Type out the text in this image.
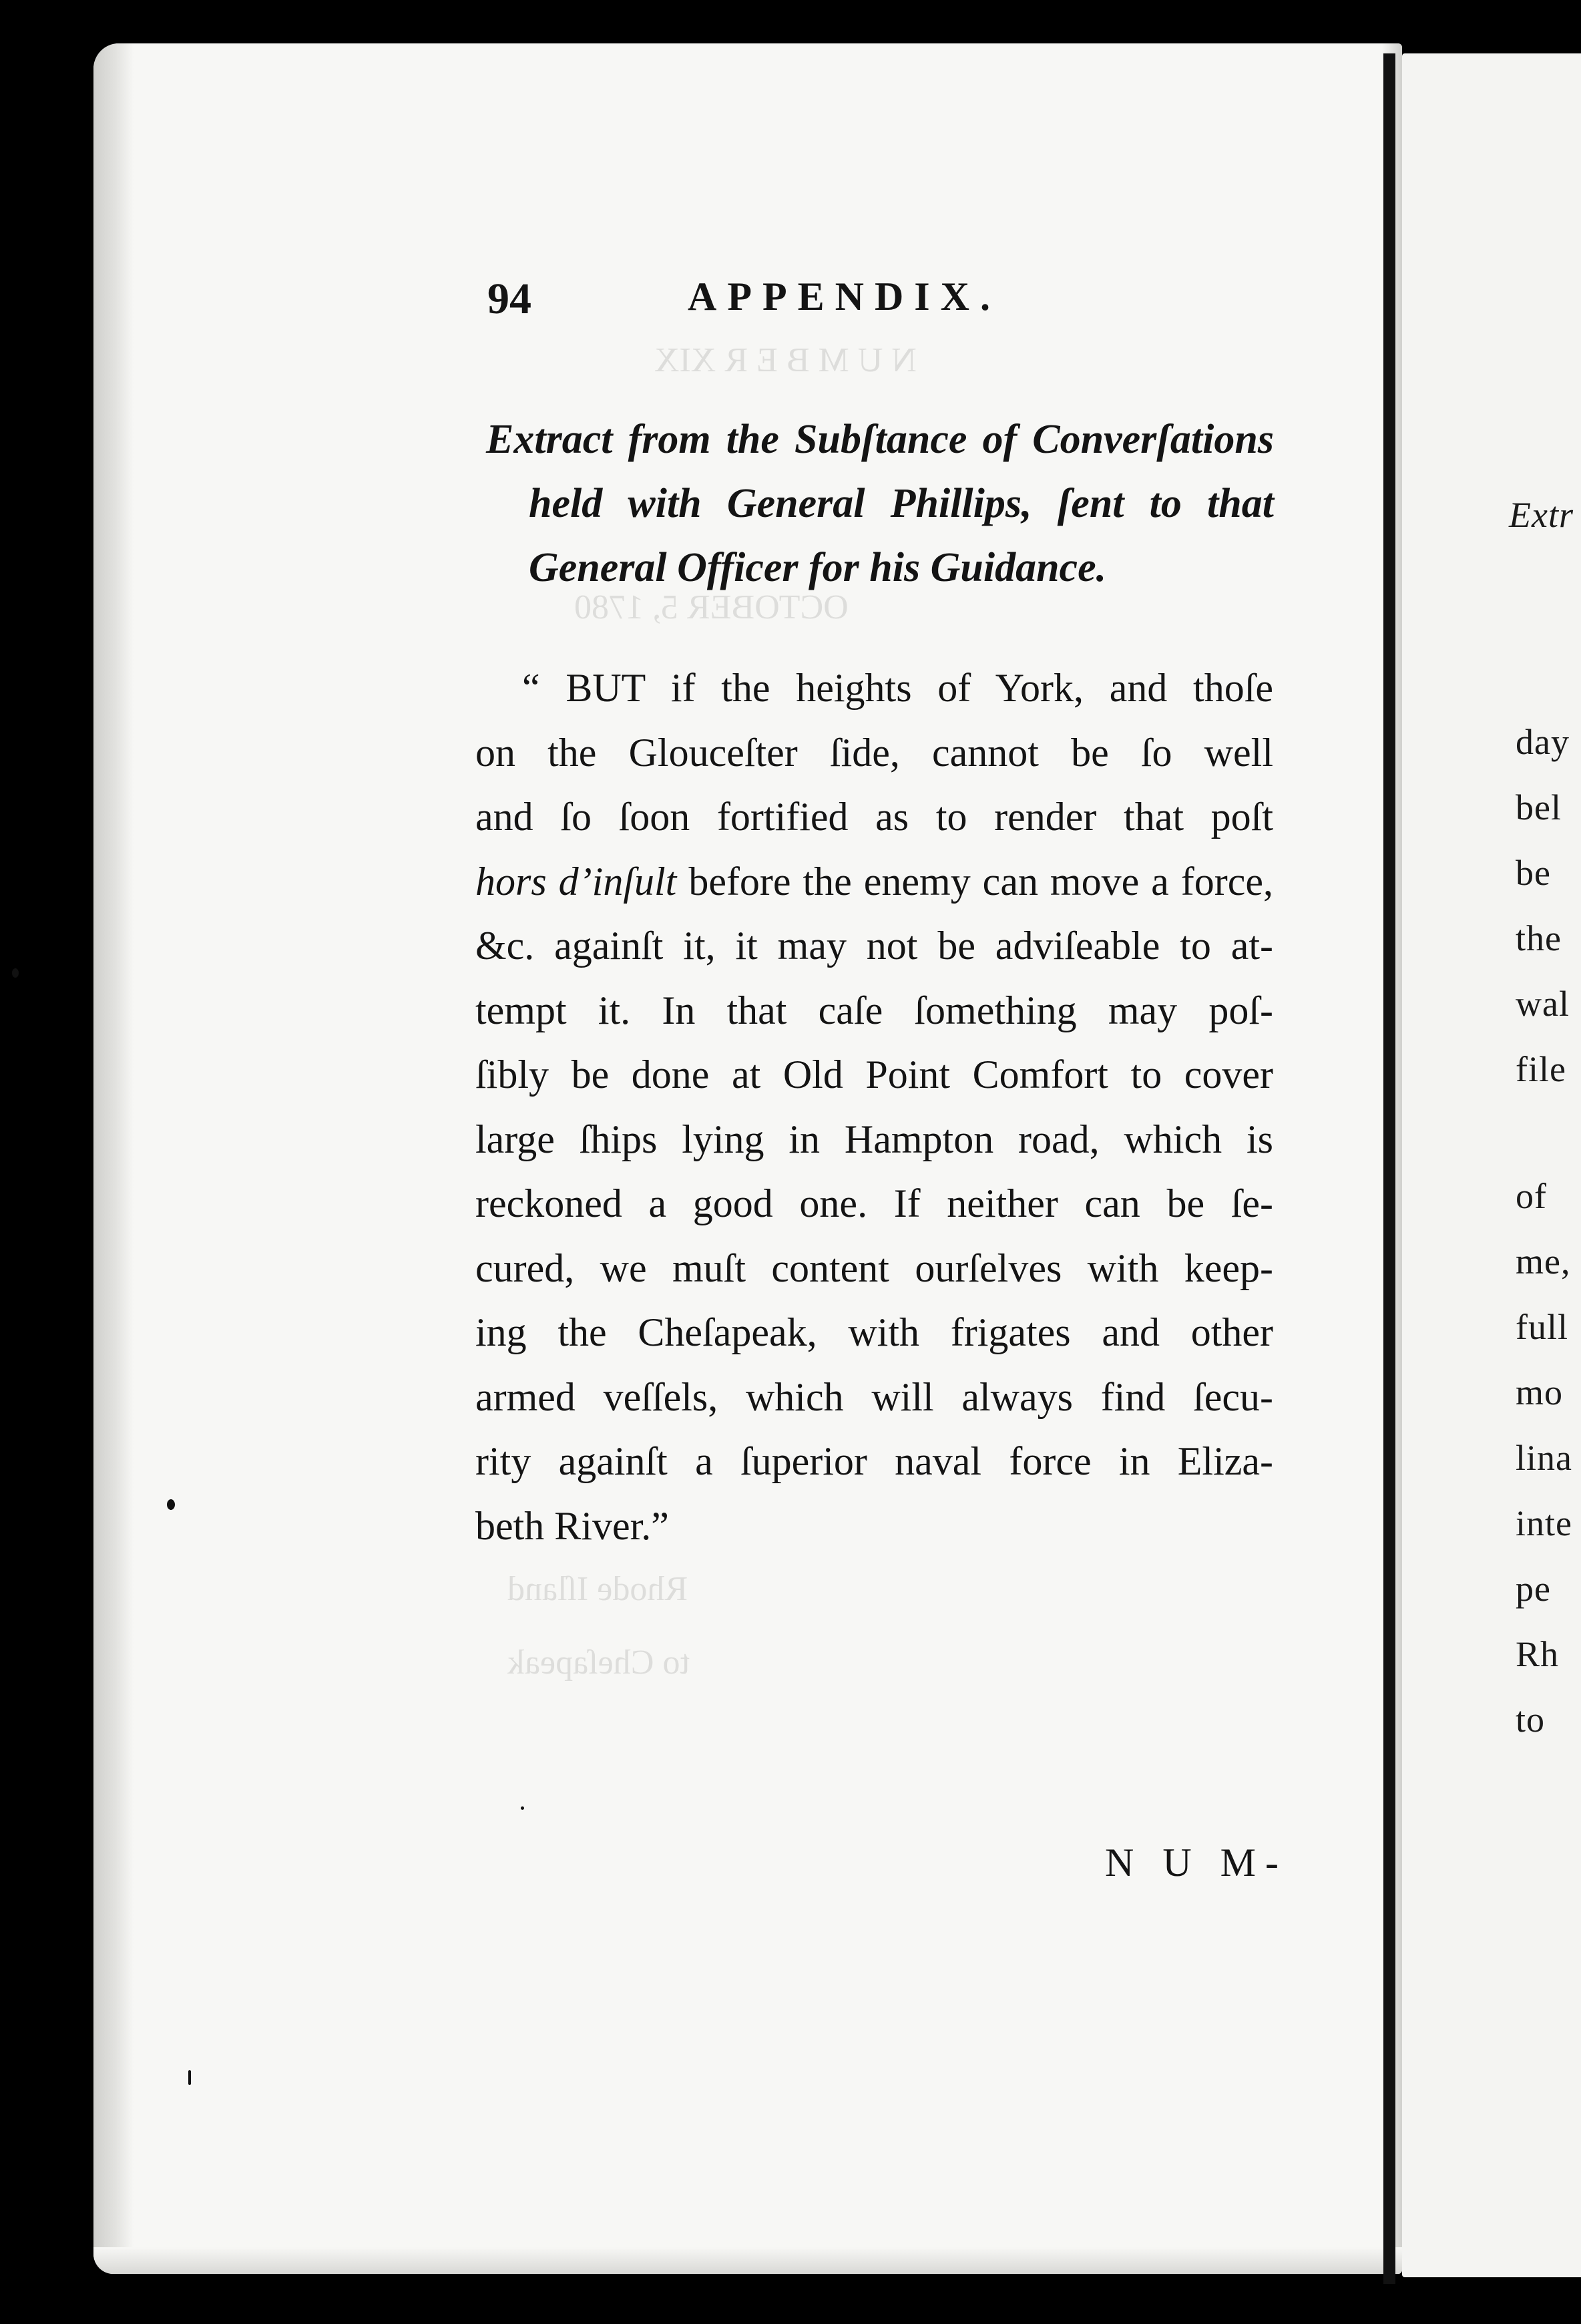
N U M B E R XIX
OCTOBER 5, 1780
Rhode Iſland
to Cheſapeak
Extr
day
bel
be
the
wal
file
of
me,
full
mo
lina
inte
pe
Rh
to
94	APPENDIX.
Extract from the Subſtance of Converſations
held with General Phillips, ſent to that
General Officer for his Guidance.
“ BUT if the heights of York, and thoſe
on the Glouceſter ſide, cannot be ſo well
and ſo ſoon fortified as to render that poſt
hors d’inſult before the enemy can move a force,
&c. againſt it, it may not be adviſeable to at-
tempt it. In that caſe ſomething may poſ-
ſibly be done at Old Point Comfort to cover
large ſhips lying in Hampton road, which is
reckoned a good one. If neither can be ſe-
cured, we muſt content ourſelves with keep-
ing the Cheſapeak, with frigates and other
armed veſſels, which will always find ſecu-
rity againſt a ſuperior naval force in Eliza-
beth River.”
N U M-
